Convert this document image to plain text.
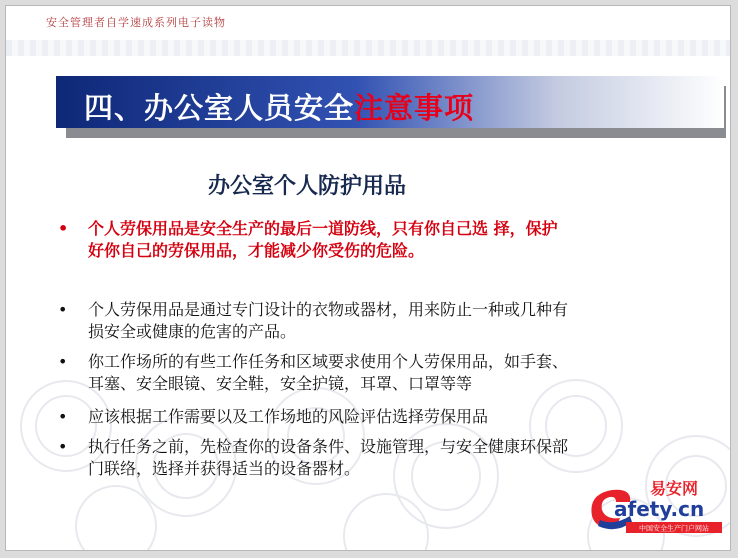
安全管理者自学速成系列电子读物
四、办公室人员安全注意事项
办公室个人防护用品
• 个人劳保用品是安全生产的最后一道防线，只有你自己选 择，保护
好你自己的劳保用品，才能减少你受伤的危险。
• 个人劳保用品是通过专门设计的衣物或器材，用来防止一种或几种有
损安全或健康的危害的产品。
• 你工作场所的有些工作任务和区域要求使用个人劳保用品，如手套、
耳塞、安全眼镜、安全鞋，安全护镜，耳罩、口罩等等
• 应该根据工作需要以及工作场地的风险评估选择劳保用品
• 执行任务之前，先检查你的设备条件、设施管理，与安全健康环保部
门联络，选择并获得适当的设备器材。
易安网
afety.cn
中国安全生产门户网站
